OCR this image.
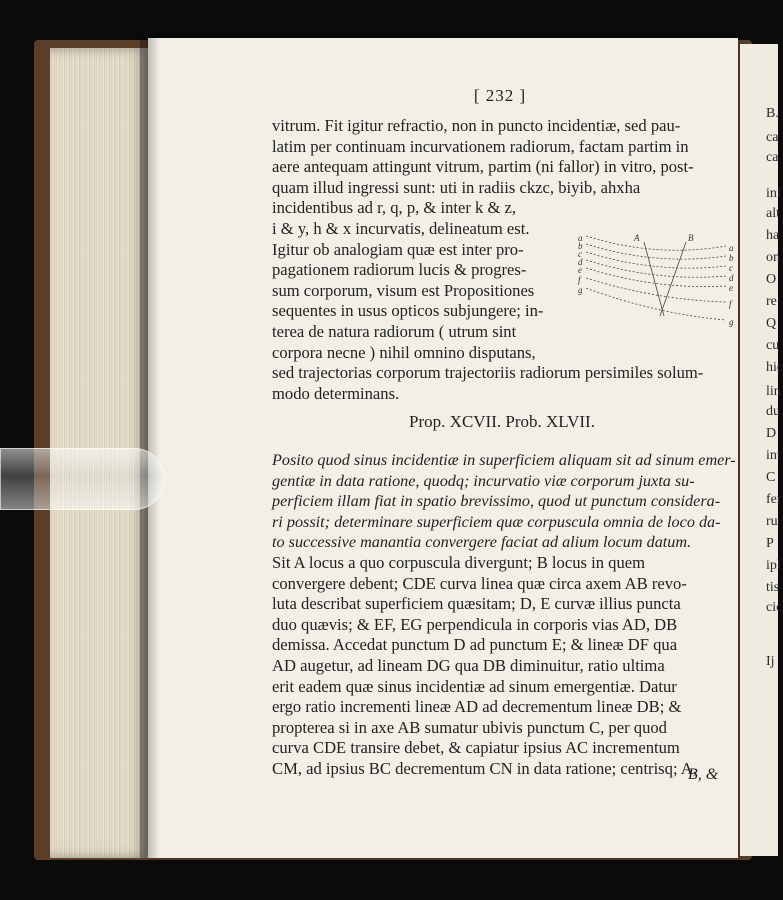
B.
ca
ca
inf
alt
ha
on
O
re
Q
cu
hic
lin
du
D
int
C
fer
ru
P
ipl
tis
cic
Ij
[ 232 ]
vitrum. Fit igitur refractio, non in puncto incidentiæ, sed pau-
latim per continuam incurvationem radiorum, factam partim in
aere antequam attingunt vitrum, partim (ni fallor) in vitro, post-
quam illud ingressi sunt: uti in radiis ckzc, biyib, ahxha
incidentibus ad r, q, p, & inter k & z,
i & y, h & x incurvatis, delineatum est.
Igitur ob analogiam quæ est inter pro-
pagationem radiorum lucis & progres-
sum corporum, visum est Propositiones
sequentes in usus opticos subjungere; in-
terea de natura radiorum ( utrum sint
corpora necne ) nihil omnino disputans,
sed trajectorias corporum trajectoriis radiorum persimiles solum-
modo determinans.
a
b
c
d
e
f
g
a
b
c
d
e
f
g
A	B
Prop. XCVII. Prob. XLVII.
Posito quod sinus incidentiæ in superficiem aliquam sit ad sinum emer-
gentiæ in data ratione, quodq; incurvatio viæ corporum juxta su-
perficiem illam fiat in spatio brevissimo, quod ut punctum considera-
ri possit; determinare superficiem quæ corpuscula omnia de loco da-
to successive manantia convergere faciat ad alium locum datum.
Sit A locus a quo corpuscula divergunt; B locus in quem
convergere debent; CDE curva linea quæ circa axem AB revo-
luta describat superficiem quæsitam; D, E curvæ illius puncta
duo quævis; & EF, EG perpendicula in corporis vias AD, DB
demissa. Accedat punctum D ad punctum E; & lineæ DF qua
AD augetur, ad lineam DG qua DB diminuitur, ratio ultima
erit eadem quæ sinus incidentiæ ad sinum emergentiæ. Datur
ergo ratio incrementi lineæ AD ad decrementum lineæ DB; &
propterea si in axe AB sumatur ubivis punctum C, per quod
curva CDE transire debet, & capiatur ipsius AC incrementum
CM, ad ipsius BC decrementum CN in data ratione; centrisq; A,
B, &
